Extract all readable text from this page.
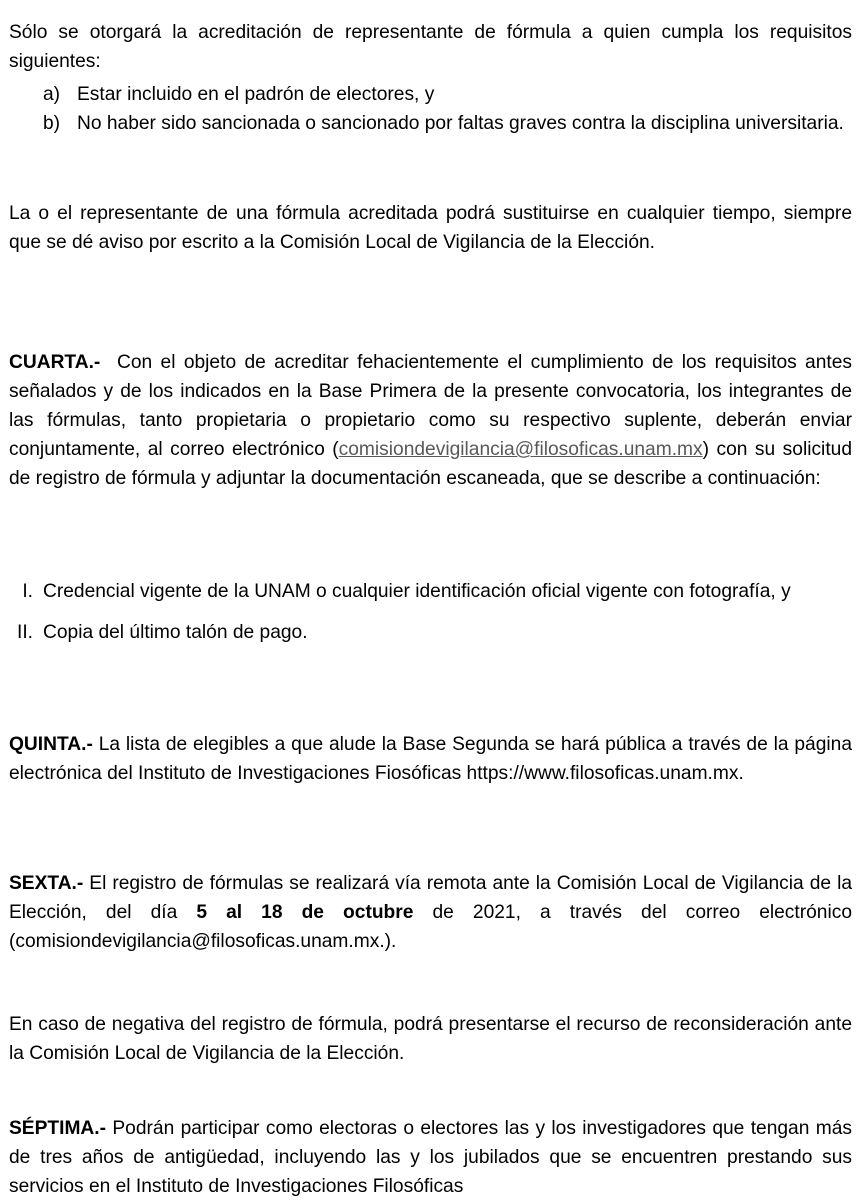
Sólo se otorgará la acreditación de representante de fórmula a quien cumpla los requisitos siguientes:

a) Estar incluido en el padrón de electores, y
b) No haber sido sancionada o sancionado por faltas graves contra la disciplina universitaria.

La o el representante de una fórmula acreditada podrá sustituirse en cualquier tiempo, siempre que se dé aviso por escrito a la Comisión Local de Vigilancia de la Elección.

CUARTA.-  Con el objeto de acreditar fehacientemente el cumplimiento de los requisitos antes señalados y de los indicados en la Base Primera de la presente convocatoria, los integrantes de las fórmulas, tanto propietaria o propietario como su respectivo suplente, deberán enviar conjuntamente, al correo electrónico (comisiondevigilancia@filosoficas.unam.mx) con su solicitud de registro de fórmula y adjuntar la documentación escaneada, que se describe a continuación:

I. Credencial vigente de la UNAM o cualquier identificación oficial vigente con fotografía, y
II. Copia del último talón de pago.

QUINTA.- La lista de elegibles a que alude la Base Segunda se hará pública a través de la página electrónica del Instituto de Investigaciones Fiosóficas https://www.filosoficas.unam.mx.

SEXTA.- El registro de fórmulas se realizará vía remota ante la Comisión Local de Vigilancia de la Elección, del día 5 al 18 de octubre de 2021, a través del correo electrónico (comisiondevigilancia@filosoficas.unam.mx.).

En caso de negativa del registro de fórmula, podrá presentarse el recurso de reconsideración ante la Comisión Local de Vigilancia de la Elección.

SÉPTIMA.- Podrán participar como electoras o electores las y los investigadores que tengan más de tres años de antigüedad, incluyendo las y los jubilados que se encuentren prestando sus servicios en el Instituto de Investigaciones Filosóficas
